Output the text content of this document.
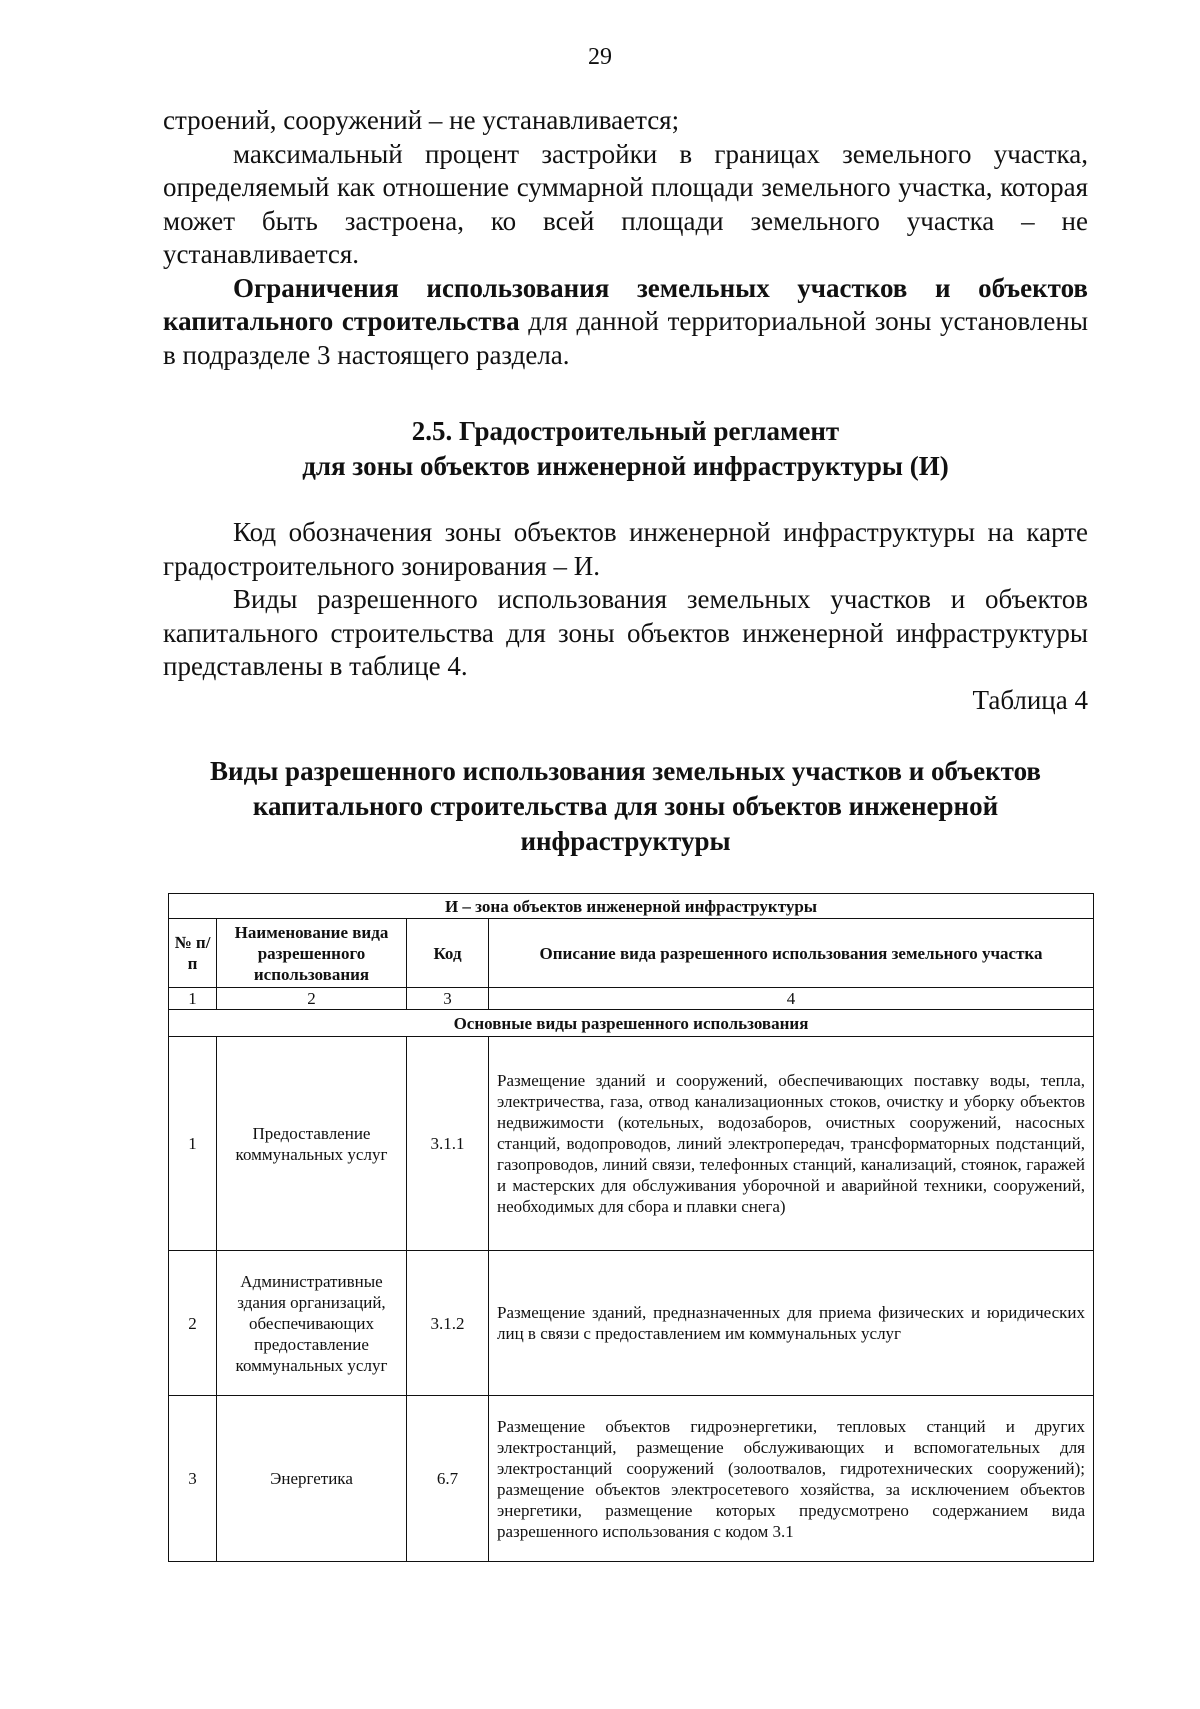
29

строений, сооружений – не устанавливается;

максимальный процент застройки в границах земельного участка, определяемый как отношение суммарной площади земельного участка, которая может быть застроена, ко всей площади земельного участка – не устанавливается.

Ограничения использования земельных участков и объектов капитального строительства для данной территориальной зоны установлены в подразделе 3 настоящего раздела.

2.5. Градостроительный регламент
для зоны объектов инженерной инфраструктуры (И)

Код обозначения зоны объектов инженерной инфраструктуры на карте градостроительного зонирования – И.

Виды разрешенного использования земельных участков и объектов капитального строительства для зоны объектов инженерной инфраструктуры представлены в таблице 4.

Таблица 4
Виды разрешенного использования земельных участков и объектов капитального строительства для зоны объектов инженерной инфраструктуры
И – зона объектов инженерной инфраструктуры			
№ п/п	Наименование вида разрешенного использования	Код	Описание вида разрешенного использования земельного участка
1	2	3	4
Основные виды разрешенного использования			
1	Предоставление коммунальных услуг	3.1.1	Размещение зданий и сооружений, обеспечивающих поставку воды, тепла, электричества, газа, отвод канализационных стоков, очистку и уборку объектов недвижимости (котельных, водозаборов, очистных сооружений, насосных станций, водопроводов, линий электропередач, трансформаторных подстанций, газопроводов, линий связи, телефонных станций, канализаций, стоянок, гаражей и мастерских для обслуживания уборочной и аварийной техники, сооружений, необходимых для сбора и плавки снега)
2	Административные здания организаций, обеспечивающих предоставление коммунальных услуг	3.1.2	Размещение зданий, предназначенных для приема физических и юридических лиц в связи с предоставлением им коммунальных услуг
3	Энергетика	6.7	Размещение объектов гидроэнергетики, тепловых станций и других электростанций, размещение обслуживающих и вспомогательных для электростанций сооружений (золоотвалов, гидротехнических сооружений); размещение объектов электросетевого хозяйства, за исключением объектов энергетики, размещение которых предусмотрено содержанием вида разрешенного использования с кодом 3.1
